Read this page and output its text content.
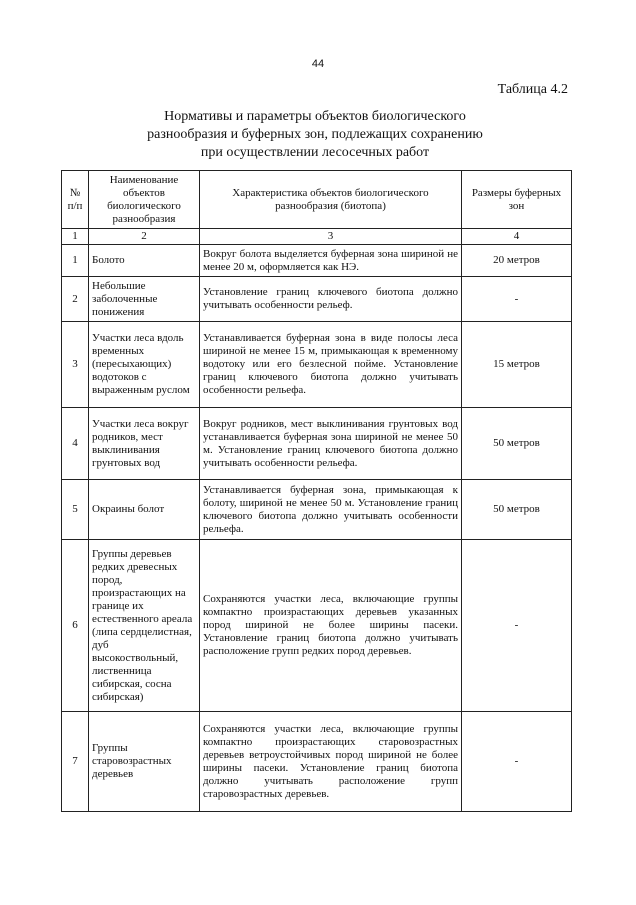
44
Таблица 4.2
Нормативы и параметры объектов биологического
разнообразия и буферных зон, подлежащих сохранению
при осуществлении лесосечных работ
№ п/п	Наименование объектов биологического разнообразия	Характеристика объектов биологического разнообразия (биотопа)	Размеры буферных зон
1	2	3	4
1	Болото	Вокруг болота выделяется буферная зона шириной не менее 20 м, оформляется как НЭ.	20 метров
2	Небольшие заболоченные понижения	Установление границ ключевого биотопа должно учитывать особенности рельеф.	-
3	Участки леса вдоль временных (пересыхающих) водотоков с выраженным руслом	Устанавливается буферная зона в виде полосы леса шириной не менее 15 м, примыкающая к временному водотоку или его безлесной пойме. Установление границ ключевого биотопа должно учитывать особенности рельефа.	15 метров
4	Участки леса вокруг родников, мест выклинивания грунтовых вод	Вокруг родников, мест выклинивания грунтовых вод устанавливается буферная зона шириной не менее 50 м. Установление границ ключевого биотопа должно учитывать особенности рельефа.	50 метров
5	Окраины болот	Устанавливается буферная зона, примыкающая к болоту, шириной не менее 50 м. Установление границ ключевого биотопа должно учитывать особенности рельефа.	50 метров
6	Группы деревьев редких древесных пород, произрастающих на границе их естественного ареала (липа сердцелистная, дуб высокоствольный, лиственница сибирская, сосна сибирская)	Сохраняются участки леса, включающие группы компактно произрастающих деревьев указанных пород шириной не более ширины пасеки. Установление границ биотопа должно учитывать расположение групп редких пород деревьев.	-
7	Группы старовозрастных деревьев	Сохраняются участки леса, включающие группы компактно произрастающих старовозрастных деревьев ветроустойчивых пород шириной не более ширины пасеки. Установление границ биотопа должно учитывать расположение групп старовозрастных деревьев.	-
